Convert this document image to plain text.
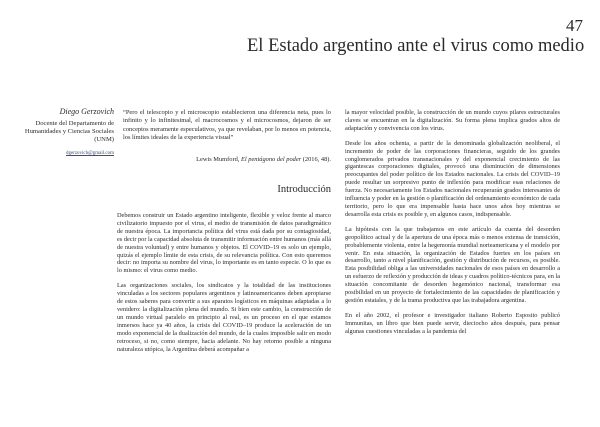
47
El Estado argentino ante el virus como medio
Diego Gerzovich
Docente del Departamento de Humanidades y Ciencias Sociales (UNM)
dgerzovich@gmail.com
“Pero el telescopio y el microscopio establecieron una diferencia neta, pues lo infinito y lo infinitesimal, el macrocosmos y el microcosmos, dejaron de ser conceptos meramente especulativos, ya que revelaban, por lo menos en potencia, los límites ideales de la experiencia visual”
Lewis Mumford, El pentágono del poder (2016, 48).
Introducción

Debemos construir un Estado argentino inteligente, flexible y veloz frente al marco civilizatorio impuesto por el virus, el medio de transmisión de datos paradigmático de nuestra época. La importancia política del virus está dada por su contagiosidad, es decir por la capacidad absoluta de transmitir información entre humanos (más allá de nuestra voluntad) y entre humanos y objetos. El COVID–19 es solo un ejemplo, quizás el ejemplo límite de esta crisis, de su relevancia política. Con esto queremos decir: no importa su nombre del virus, lo importante es en tanto especie. O lo que es lo mismo: el virus como medio.

Las organizaciones sociales, los sindicatos y la totalidad de las instituciones vinculadas a los sectores populares argentinos y latinoamericanos deben apropiarse de estos saberes para convertir a sus aparatos logísticos en máquinas adaptadas a lo venidero: la digitalización plena del mundo. Si bien este cambio, la construcción de un mundo virtual paralelo en principio al real, es un proceso en el que estamos inmersos hace ya 40 años, la crisis del COVID–19 produce la aceleración de un modo exponencial de la dualización del mundo, de la cuales imposible salir en modo retroceso, si no, como siempre, hacia adelante. No hay retorno posible a ninguna naturaleza utópica, la Argentina deberá acompañar a

la mayor velocidad posible, la construcción de un mundo cuyos pilares estructurales claves se encuentran en la digitalización. Su forma plena implica grados altos de adaptación y convivencia con los virus.

Desde los años ochenta, a partir de la denominada globalización neoliberal, el incremento de poder de las corporaciones financieras, seguido de los grandes conglomerados privados transnacionales y del exponencial crecimiento de las gigantescas corporaciones digitales, provocó una disminución de dimensiones preocupantes del poder político de los Estados nacionales. La crisis del COVID–19 puede resultar un sorpresivo punto de inflexión para modificar esas relaciones de fuerza. No necesariamente los Estados nacionales recuperarán grados interesantes de influencia y poder en la gestión o planificación del ordenamiento económico de cada territorio, pero lo que era impensable hasta hace unos años hoy mientras se desarrolla esta crisis es posible y, en algunos casos, indispensable.

La hipótesis con la que trabajamos en este artículo da cuenta del desorden geopolítico actual y de la apertura de una época más o menos extensa de transición, probablemente violenta, entre la hegemonía mundial norteamericana y el modelo por venir. En esta situación, la organización de Estados fuertes en los países en desarrollo, tanto a nivel planificación, gestión y distribución de recursos, es posible. Esta posibilidad obliga a las universidades nacionales de esos países en desarrollo a un esfuerzo de reflexión y producción de ideas y cuadros político-técnicos para, en la situación concomitante de desorden hegemónico nacional, transformar esa posibilidad en un proyecto de fortalecimiento de las capacidades de planificación y gestión estatales, y de la trama productiva que las trabajadora argentina.

En el año 2002, el profesor e investigador italiano Roberto Esposito publicó Immunitas, un libro que bien puede servir, dieciocho años después, para pensar algunas cuestiones vinculadas a la pandemia del
